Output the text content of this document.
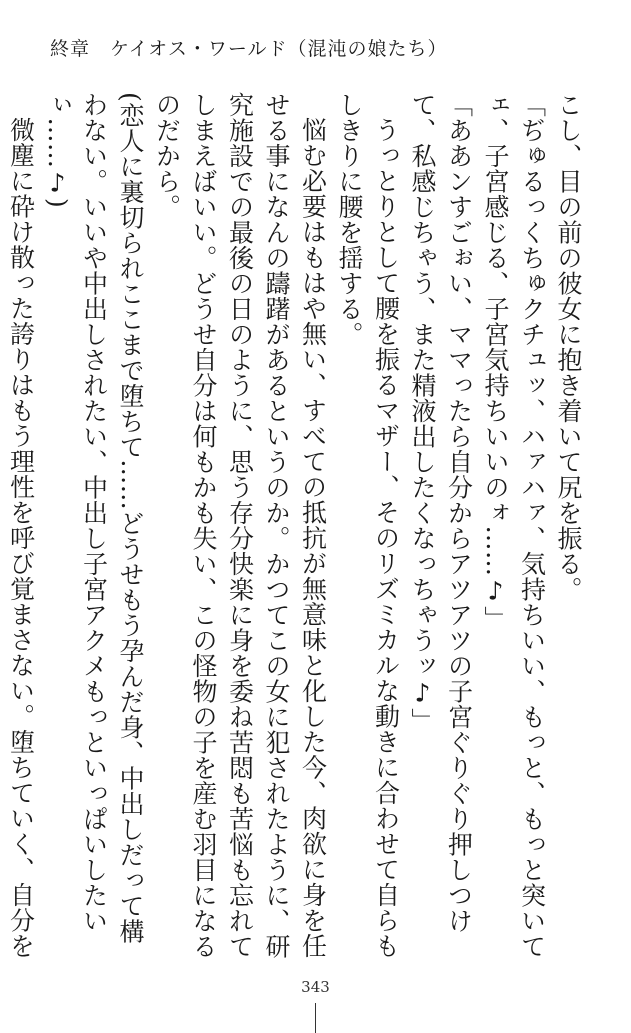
終章　ケイオス・ワールド（混沌の娘たち）

こし、目の前の彼女に抱き着いて尻を振る。

「ぢゅるっくちゅクチュッ、ハァハァ、気持ちいい、もっと、もっと突いてェ、子宮感じる、子宮気持ちいいのォ……♪」

「ああンすごぉい、ママったら自分からアツアツの子宮ぐりぐり押しつけて、私感じちゃう、また精液出したくなっちゃうッ♪」

うっとりとして腰を振るマザー、そのリズミカルな動きに合わせて自らもしきりに腰を揺する。

悩む必要はもはや無い、すべての抵抗が無意味と化した今、肉欲に身を任せる事になんの躊躇があるというのか。かつてこの女に犯されたように、研究施設での最後の日のように、思う存分快楽に身を委ね苦悶も苦悩も忘れてしまえばいい。どうせ自分は何もかも失い、この怪物の子を産む羽目になるのだから。

(恋人に裏切られここまで堕ちて……どうせもう孕んだ身、中出しだって構わない。いいや中出しされたい、中出し子宮アクメもっといっぱいしたいぃ……♪)

微塵に砕け散った誇りはもう理性を呼び覚まさない。堕ちていく、自分を

343
